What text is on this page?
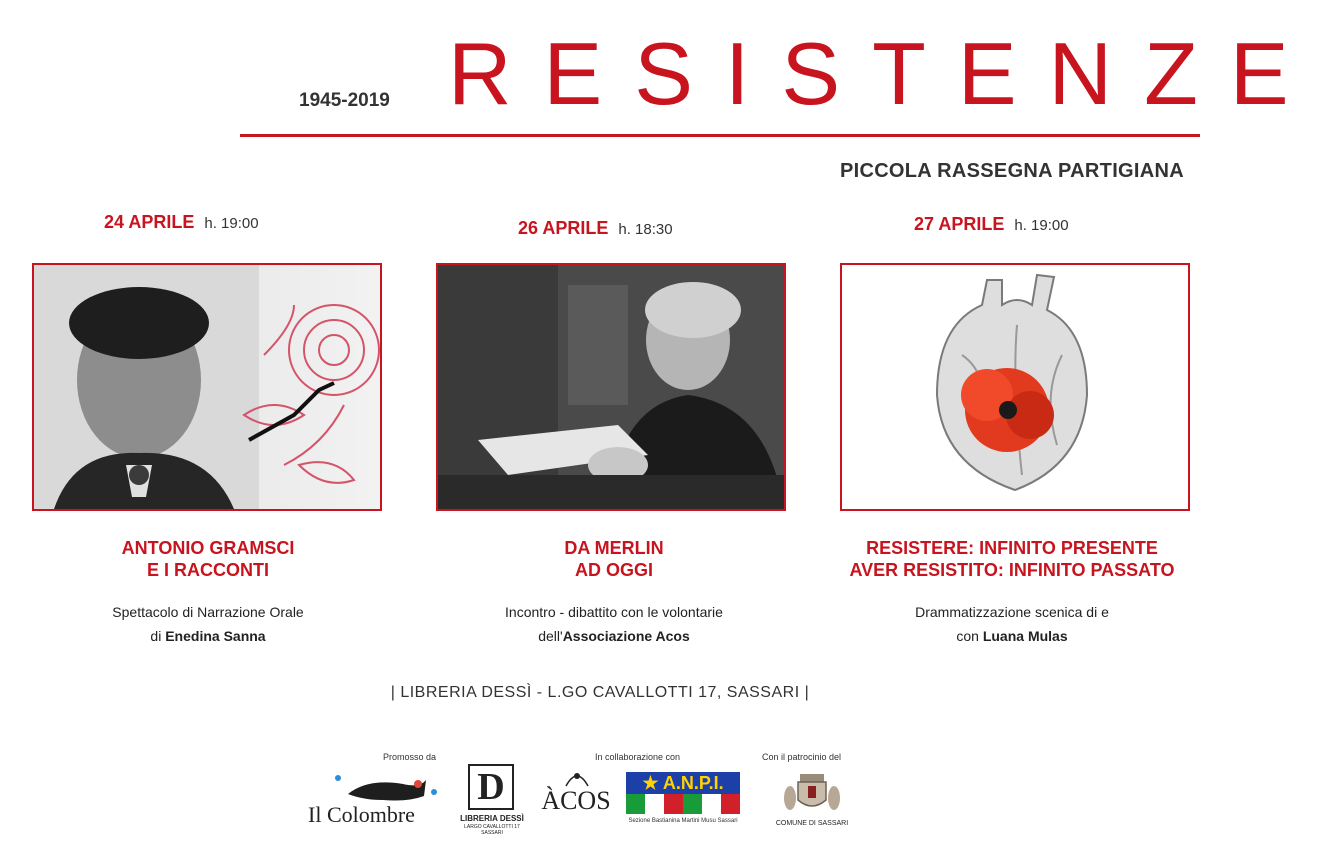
1945-2019 RESISTENZE
PICCOLA RASSEGNA PARTIGIANA
24 APRILE h. 19:00
ANTONIO GRAMSCI
E I RACCONTI
Spettacolo di Narrazione Orale
di Enedina Sanna
26 APRILE h. 18:30
DA MERLIN
AD OGGI
Incontro - dibattito con le volontarie
dell'Associazione Acos
27 APRILE h. 19:00
RESISTERE: INFINITO PRESENTE
AVER RESISTITO: INFINITO PASSATO
Drammatizzazione scenica di e
con Luana Mulas
| LIBRERIA DESSÌ - L.GO CAVALLOTTI 17, SASSARI |
Promosso da	In collaborazione con	Con il patrocinio del
Il Colombre
D
LIBRERIA DESSÌ
LARGO CAVALLOTTI 17 SASSARI
ÀCOS
★ A.N.P.I.
Sezione Bastianina Martini Musu Sassari	COMUNE DI SASSARI
